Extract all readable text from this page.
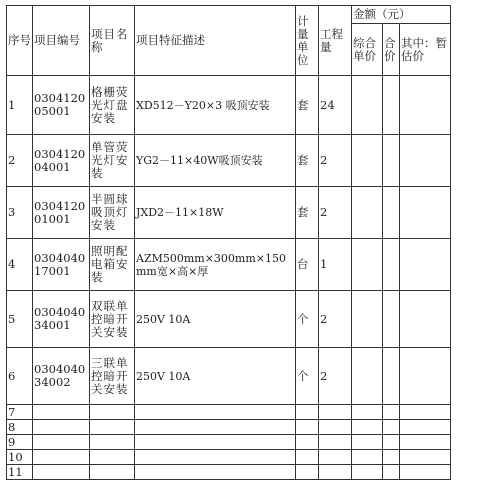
序号	项目编号	项目名称	项目特征描述	计量单位	工程量	金额（元）		
						综合单价	合价	其中：暂估价
1	030412005001	格栅荧光灯盘安装	XD512－Y20×3 吸顶安装	套	24			
2	030412004001	单管荧光灯安装	YG2－11×40W吸顶安装	套	2			
3	030412001001	半圆球吸顶灯安装	JXD2－11×18W	套	2			
4	030404017001	照明配电箱安装	AZM500mm×300mm×150mm宽×高×厚	台	1			
5	030404034001	双联单控暗开关安装	250V 10A	个	2			
6	030404034002	三联单控暗开关安装	250V 10A	个	2			
7								
8								
9								
10								
11								
